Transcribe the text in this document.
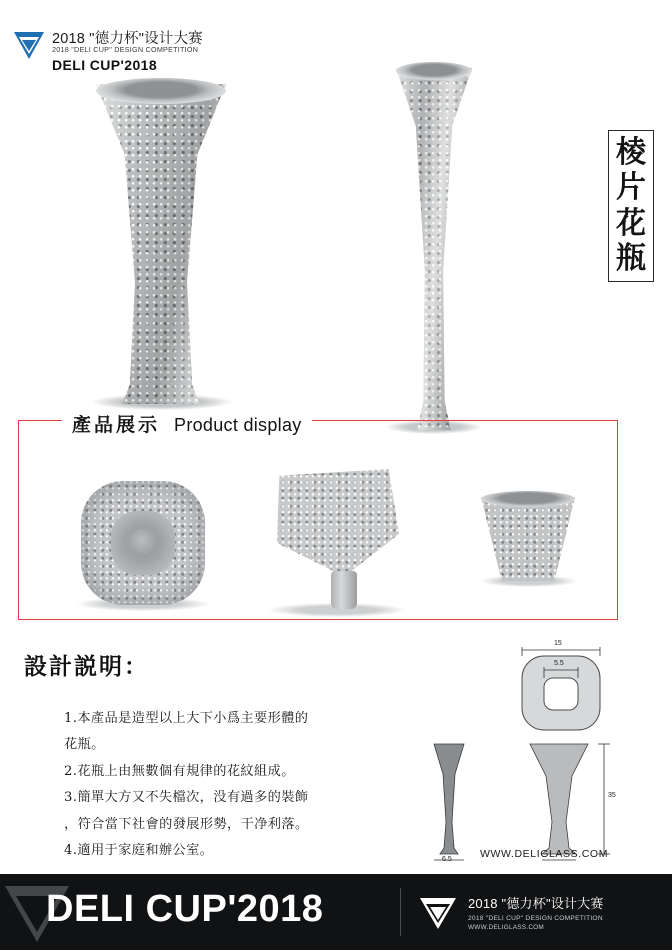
2018 "德力杯"设计大赛
2018 "DELI CUP" DESIGN COMPETITION
DELI CUP'2018
棱
片
花
瓶
產品展示 Product display
設計説明：
1.本產品是造型以上大下小爲主要形體的
花瓶。
2.花瓶上由無數個有規律的花紋組成。
3.簡單大方又不失檔次，没有過多的裝飾
，符合當下社會的發展形勢，干净利落。
4.適用于家庭和辦公室。
15
5.5
35
6.5	WWW.DELIGLASS.COM
DELI CUP'2018	2018 "德力杯"设计大赛
2018 "DELI CUP" DESIGN COMPETITION
WWW.DELIGLASS.COM
